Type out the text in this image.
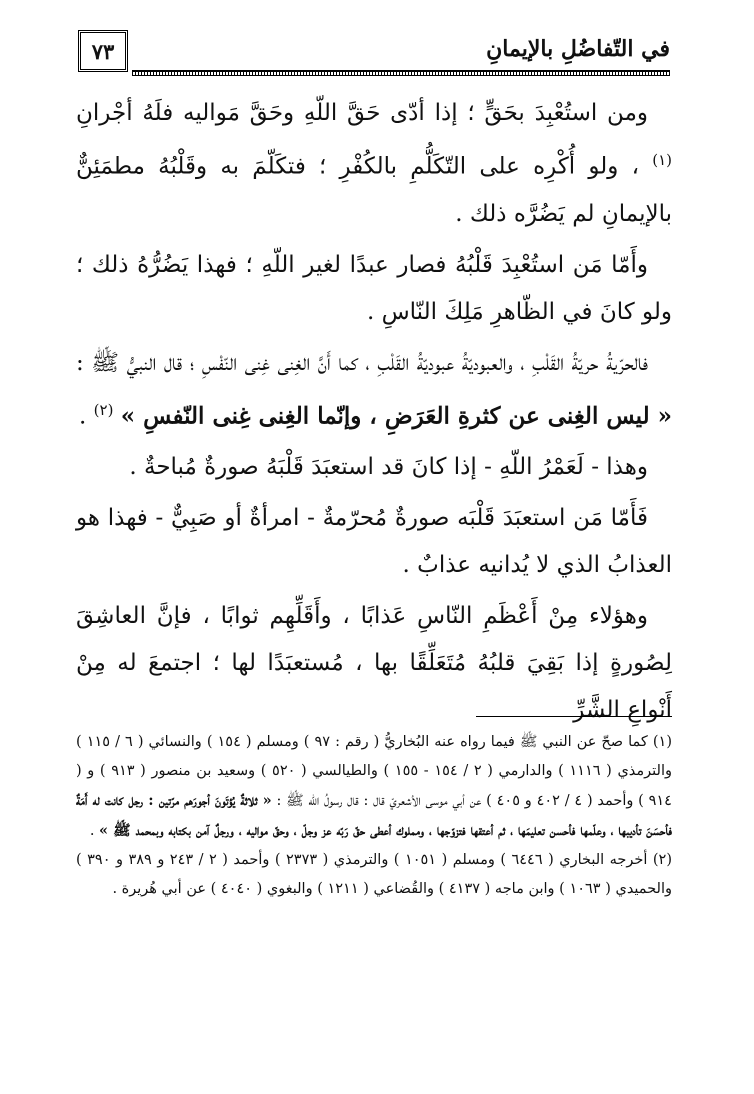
٧٣	في التّفاضُلِ بالإيمانِ

ومن استُعْبِدَ بحَقٍّ ؛ إذا أدّى حَقَّ اللّهِ وحَقَّ مَواليه فلَهُ أجْرانِ $^{(١)}$ ، ولو أُكْرِه على التّكَلُّمِ بالكُفْرِ ؛ فتكَلّمَ به وقَلْبُهُ مطمَئِنٌّ بالإيمانِ لم يَضُرَّه ذلك .

وأَمّا مَن استُعْبِدَ قَلْبُهُ فصار عبدًا لغير اللّهِ ؛ فهذا يَضُرُّهُ ذلك ؛ ولو كانَ في الظّاهرِ مَلِكَ النّاسِ .

فالحرّيةُ حريّةُ القَلْبِ ، والعبوديّةُ عبوديّةُ القَلْبِ ، كما أَنَّ الغِنى غِنى النّفْسِ ؛ قال النبيُّ ﷺ : « ليس الغِنى عن كثرةِ العَرَضِ ، وإنّما الغِنى غِنى النّفسِ » $^{(٢)}$ .

وهذا - لَعَمْرُ اللّهِ - إذا كانَ قد استعبَدَ قَلْبَهُ صورةٌ مُباحةٌ .

فَأَمّا مَن استعبَدَ قَلْبَه صورةٌ مُحرّمةٌ - امرأةٌ أو صَبِيٌّ - فهذا هو العذابُ الذي لا يُدانيه عذابٌ .

وهؤلاء مِنْ أَعْظَمِ النّاسِ عَذابًا ، وأَقَلِّهِم ثوابًا ، فإنَّ العاشِقَ لِصُورةٍ إذا بَقِيَ قلبُهُ مُتَعَلِّقًا بها ، مُستعبَدًا لها ؛ اجتمعَ له مِنْ أَنْواعِ الشَّرِّ

(١) كما صحّ عن النبي ﷺ فيما رواه عنه البُخاريُّ ( رقم : ٩٧ ) ومسلم ( ١٥٤ ) والنسائي ( ٦ / ١١٥ ) والترمذي ( ١١١٦ ) والدارمي ( ٢ / ١٥٤ - ١٥٥ ) والطيالسي ( ٥٢٠ ) وسعيد بن منصور ( ٩١٣ ) و ( ٩١٤ ) وأحمد ( ٤ / ٤٠٢ و ٤٠٥ ) عن أبي موسى الأشعريّ قال : قال رسولُ اللّه ﷺ : « ثلاثةٌ يُؤتَونَ أجورَهم مرّتين : رجل كانت له أَمَةٌ فأحسَنَ تأديبها ، وعلّمها فأحسن تعليمَها ، ثم أعتقها فتزوّجها ، ومملوك أعطى حقّ رَبّه عز وجلّ ، وحقّ مواليه ، ورجلٌ آمن بكتابه وبمحمد ﷺ » .

(٢) أخرجه البخاري ( ٦٤٤٦ ) ومسلم ( ١٠٥١ ) والترمذي ( ٢٣٧٣ ) وأحمد ( ٢ / ٢٤٣ و ٣٨٩ و ٣٩٠ ) والحميدي ( ١٠٦٣ ) وابن ماجه ( ٤١٣٧ ) والقُضاعي ( ١٢١١ ) والبغوي ( ٤٠٤٠ ) عن أبي هُريرة .
